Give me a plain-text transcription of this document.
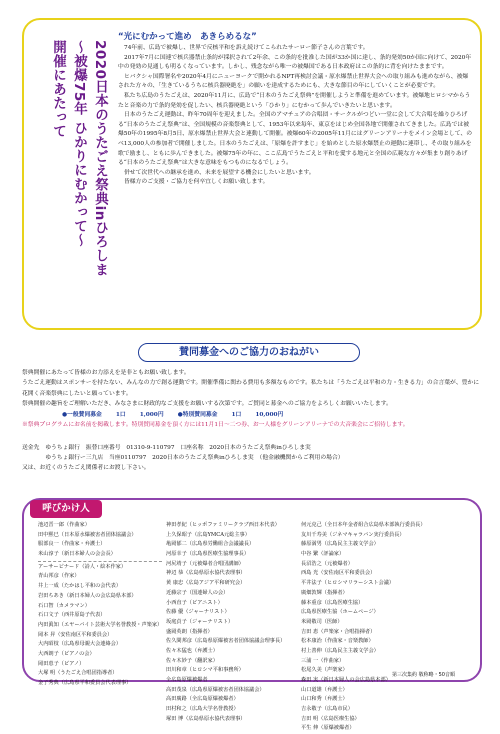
2020日本のうたごえ祭典inひろしま
〜被爆75年 ひかりにむかって〜
開催にあたって
“光にむかって進め　あきらめるな”

74年前、広島で被爆し、世界で反核平和を訴え続けてこられたサーロー節子さんの言葉です。

2017年7月に国連で核兵器禁止条約が採択されて2年余、この条約を批准した国が33か国に達し、条約発効50か国に向けて、2020年中の発効の見通しも明るくなっています。しかし、残念ながら唯一の被爆国である日本政府はこの条約に背を向けたままです。

ヒバクシャ国際署名や2020年4月にニューヨークで開かれるNPT再検討会議・原水爆禁止世界大会への取り組みも進めながら、被爆された方々の、「生きているうちに核兵器廃絶を」の願いを達成するためにも、大きな節目の年にしていくことが必要です。

私たち広島のうたごえは、2020年11月に、広島で“日本のうたごえ祭典”を開催しようと準備を進めています。被爆地ヒロシマからうたと音楽の力で条約発効を促したい、核兵器廃絶という「ひかり」にむかって歩んでいきたいと思います。

日本のうたごえ運動は、昨年70周年を迎えました。全国のアマチュアの合唱団・サークルがつどい一堂に会して大合唱を繰りひろげる“日本のうたごえ祭典”は、全国規模の音楽祭典として、1953年以来毎年、東京をはじめ全国各地で開催されてきました。広島では被爆50年の1995年8月5日、原水爆禁止世界大会と連動して開催。被爆60年の2005年11月にはグリーンアリーナをメイン会場として、のべ13,000人の参加者で開催しました。日本のうたごえは、「原爆を許すまじ」を始めとした原水爆禁止の運動に連帯し、その取り組みを歌で励まし、ともに歩んできました。被爆75年の年に、ここ広島でうたごえと平和を愛する地元と全国の広範な方々が集まり創りあげる“日本のうたごえ祭典”は大きな意味をもつものになるでしょう。

併せて次世代への継承を進め、未来を展望する機会にしたいと思います。

皆様方のご支援・ご協力を何卒宜しくお願い致します。

賛同募金へのご協力のおねがい

祭典開催にあたって皆様のお力添えを是非ともお願い致します。

うたごえ運動はスポンサーを持たない、みんなの力で創る運動です。開催準備に関わる費用も多額なものです。私たちは「うたごえは平和の力・生きる力」の合言葉が、豊かに花開く音楽祭典にしたいと願っています。

祭典開催の趣旨をご理解いただき、みなさまに財政的なご支援をお願いする次第です。ご賛同と募金へのご協力をよろしくお願いいたします。

●一般賛同募金 1口 1,000円 ●特別賛同募金 1口 10,000円

※祭典プログラムにお名前を掲載します。特別賛同募金を頂く方には11月1日～二つ券、お一人様をグリーンアリーナでの大音楽会にご招待します。

送金先　ゆうちょ銀行　振替口座番号　01310-9-110797　口座名称　2020日本のうたごえ祭典inひろしま実

　　　　ゆうちょ銀行ー三九店　当座0110797　2020日本のうたごえ祭典inひろしま実　（他金融機関からご利用の場合）

又は、お近くのうたごえ関係者にお渡し下さい。

呼びかけ人
池辺晋一郎（作曲家）
田中熙巳（日本原水爆被害者団体協議会）
服部良一（作曲家・弁護士）
米山淳子（新日本婦人の会会長）
アーサービナード（詩人・絵本作家）
青山邦彦（作家）
井上一成（たかはし平和の会代表）
岩田ちあき（新日本婦人の会広島県本部）
石口智（カメラマン）
石口文子（西井原島子代表）
内田眞知（エヤーバイト芸術大学名誉教授・声楽家）
岡本 昇（安佐南区平和委員会）
大内昭枝（広島県母親大会連絡会）
大西朗子（ピアノの会）
岡田恵子（ピアノ）
大塚 明（うたごえ合唱団指導者）
金子秀典（広島県平和委員会代表理事）
神田孝紀（ヒッポファミリークラブ西日本代表）
上久保昭子（広島YMCA元総主事）
亀岡郁二（広島県労働組合会議議長）
河原幸子（広島県医療生協理事長）
河尻靖子（元被爆者合唱団講師）
神辺 恭（広島県原水協代表理事）
黄 康忠（広島アジア平和研究会）
近藤宗子（国連婦人の会）
小西直子（ピアニスト）
佐藤 優（ジャーナリスト）
坂庭貞子（ジャーナリスト）
盛岡英朗（指揮者）
佐久間邦彦（広島県原爆被害者団体協議会理事長）
佐々木猛也（弁護士）
佐々木妙子（翻訳家）
田川和章（ヒロシマ平和事務所）
全広島原爆被爆者
高田茂泉（広島県原爆被害者団体協議会）
高田廣路（全広島原爆被爆者）
田村和之（広島大学名誉教授）
塚田 博（広島県原水協代表理事）
何元克己（全日本年金者組合広島県本部執行委員長）
友川千寿美（ジネマキャラバン実行委員長）
藤原満男（広島民主主義文学会）
中谷 繁（評論家）
長沼浩之（元被爆者）
西島 光（安佐南区平和委員会）
平井法子（ヒロシマリラーシスト会議）
廣畑敦輝（指揮者）
藤本重彦（広島医療生協）
広島県医療生協（ホームページ）
米岡敬司（医師）
吉田 恵（声楽家・合唱指揮者）
松本康治（作曲家・音楽教師）
村上善伸（広島民主主義文学会）
三浦 一（作曲家）
松尾久美（声楽家）
森田 実（新日本婦人の会広島県本部）
山口道雄（弁護士）
山口和秀（弁護士）
吉永敬子（広島市民）
吉田 明（広島医療生協）
平生 伸（原爆被爆者）
第三次集約 敬称略・50音順
